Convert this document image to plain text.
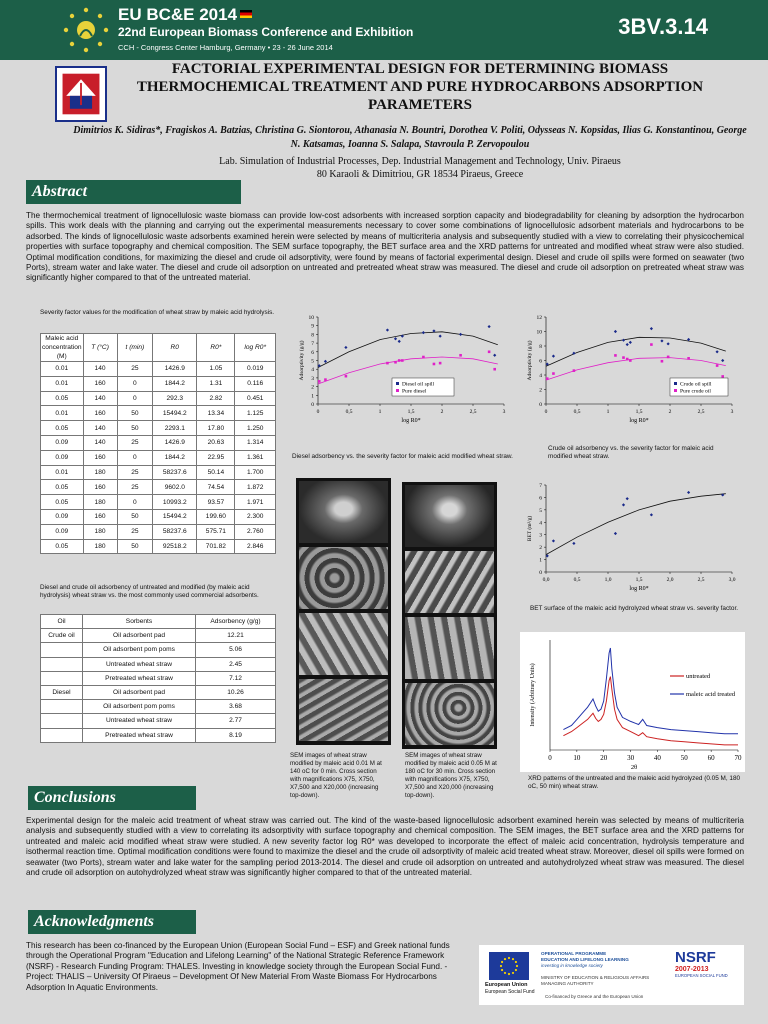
EU BC&E 2014
22nd European Biomass Conference and Exhibition
CCH - Congress Center Hamburg, Germany • 23 - 26 June 2014
3BV.3.14
FACTORIAL EXPERIMENTAL DESIGN FOR DETERMINING BIOMASS THERMOCHEMICAL TREATMENT AND PURE HYDROCARBONS ADSORPTION PARAMETERS
Dimitrios K. Sidiras*, Fragiskos A. Batzias, Christina G. Siontorou, Athanasia N. Bountri, Dorothea V. Politi, Odysseas N. Kopsidas, Ilias G. Konstantinou, George N. Katsamas, Ioanna S. Salapa, Stavroula P. Zervopoulou
Lab. Simulation of Industrial Processes, Dep. Industrial Management and Technology, Univ. Piraeus
80 Karaoli & Dimitriou, GR 18534 Piraeus, Greece
Abstract
The thermochemical treatment of lignocellulosic waste biomass can provide low-cost adsorbents with increased sorption capacity and biodegradability for cleaning by adsorption the hydrocarbon spills. This work deals with the planning and carrying out the experimental measurements necessary to cover some combinations of lignocellulosic adsorbent materials and hydrocarbons to be adsorbed. The kinds of lignocellulosic waste adsorbents examined herein were selected by means of multicriteria analysis and subsequently studied with a view to correlating their physicochemical properties with surface topography and chemical composition. The SEM surface topography, the BET surface area and the XRD patterns for untreated and modified wheat straw were also studied. Optimal modification conditions, for maximizing the diesel and crude oil adsorptivity, were found by means of factorial experimental design. Diesel and crude oil spills were formed on seawater (two Ports), stream water and lake water. The diesel and crude oil adsorption on untreated and pretreated wheat straw was measured. The diesel and crude oil adsorption on pretreated wheat straw was significantly higher compared to that of the untreated material.
Severity factor values for the modification of wheat straw by maleic acid hydrolysis.
Maleic acid concentration (M)	T (°C)	t (min)	R0	R0*	log R0*
0.01	140	25	1426.9	1.05	0.019
0.01	160	0	1844.2	1.31	0.116
0.05	140	0	292.3	2.82	0.451
0.01	160	50	15494.2	13.34	1.125
0.05	140	50	2293.1	17.80	1.250
0.09	140	25	1426.9	20.63	1.314
0.09	160	0	1844.2	22.95	1.361
0.01	180	25	58237.6	50.14	1.700
0.05	160	25	9602.0	74.54	1.872
0.05	180	0	10993.2	93.57	1.971
0.09	160	50	15494.2	199.60	2.300
0.09	180	25	58237.6	575.71	2.760
0.05	180	50	92518.2	701.82	2.846
Diesel and crude oil adsorbency of untreated and modified (by maleic acid hydrolysis) wheat straw vs. the most commonly used commercial adsorbents.
Oil	Sorbents	Adsorbency (g/g)
Crude oil	Oil adsorbent pad	12.21
	Oil adsorbent pom poms	5.06
	Untreated wheat straw	2.45
	Pretreated wheat straw	7.12
Diesel	Oil adsorbent pad	10.26
	Oil adsorbent pom poms	3.68
	Untreated wheat straw	2.77
	Pretreated wheat straw	8.19
0	0,5	1	1,5	2	2,5	3
0
1
2
3
4
5
6
7
8
9
10
log R0*
Adsorptivity (g/g)
Diesel oil spill
Pure diesel
0	0,5	1	1,5	2	2,5	3
0
2
4
6
8
10
12
log R0*
Adsorptivity (g/g)
Crude oil spill
Pure crude oil
Diesel adsorbency vs. the severity factor for maleic acid modified wheat straw.
Crude oil adsorbency vs. the severity factor for maleic acid modified wheat straw.
0,0	0,5	1,0	1,5	2,0	2,5	3,0
0
1
2
3
4
5
6
7
log R0*
BET (m²/g)
BET surface of the maleic acid hydrolyzed wheat straw vs. severity factor.
0	10	20	30	40	50	60	70
2θ
Intensity (Arbitrary Units)	untreated
maleic acid treated
XRD patterns of the untreated and the maleic acid hydrolyzed (0.05 M, 180 oC, 50 min) wheat straw.
SEM images of wheat straw modified by maleic acid 0.01 M at 140 oC for 0 min. Cross section with magnifications X75, X750, X7,500 and X20,000 (increasing top-down).
SEM images of wheat straw modified by maleic acid 0.05 M at 180 oC for 30 min. Cross section with magnifications X75, X750, X7,500 and X20,000 (increasing top-down).
Conclusions
Experimental design for the maleic acid treatment of wheat straw was carried out. The kind of the waste-based lignocellulosic adsorbent examined herein was selected by means of multicriteria analysis and subsequently studied with a view to correlating its adsorptivity with surface topography and chemical composition. The SEM images, the BET surface area and the XRD patterns for untreated and maleic acid modified wheat straw were studied. A new severity factor log R0* was developed to incorporate the effect of maleic acid concentration, hydrolysis temperature and isothermal reaction time. Optimal modification conditions were found to maximize the diesel and the crude oil adsorptivity of maleic acid treated wheat straw. Moreover, diesel oil spills were formed on seawater (two Ports), stream water and lake water for the sampling period 2013-2014. The diesel and crude oil adsorption on untreated and autohydrolyzed wheat straw was measured. The diesel and crude oil adsorption on autohydrolyzed wheat straw was significantly higher compared to that of the untreated material.
Acknowledgments
This research has been co-financed by the European Union (European Social Fund – ESF) and Greek national funds through the Operational Program "Education and Lifelong Learning" of the National Strategic Reference Framework (NSRF) - Research Funding Program: THALES. Investing in knowledge society through the European Social Fund. - Project: THALIS – University Of Piraeus – Development Of New Material From Waste Biomass For Hydrocarbons Adsorption In Aquatic Environments.	European Union
European Social Fund
OPERATIONAL PROGRAMME
EDUCATION AND LIFELONG LEARNING
investing in knowledge society
MINISTRY OF EDUCATION & RELIGIOUS AFFAIRS
MANAGING AUTHORITY
Co-financed by Greece and the European Union
NSRF
2007-2013
EUROPEAN SOCIAL FUND
